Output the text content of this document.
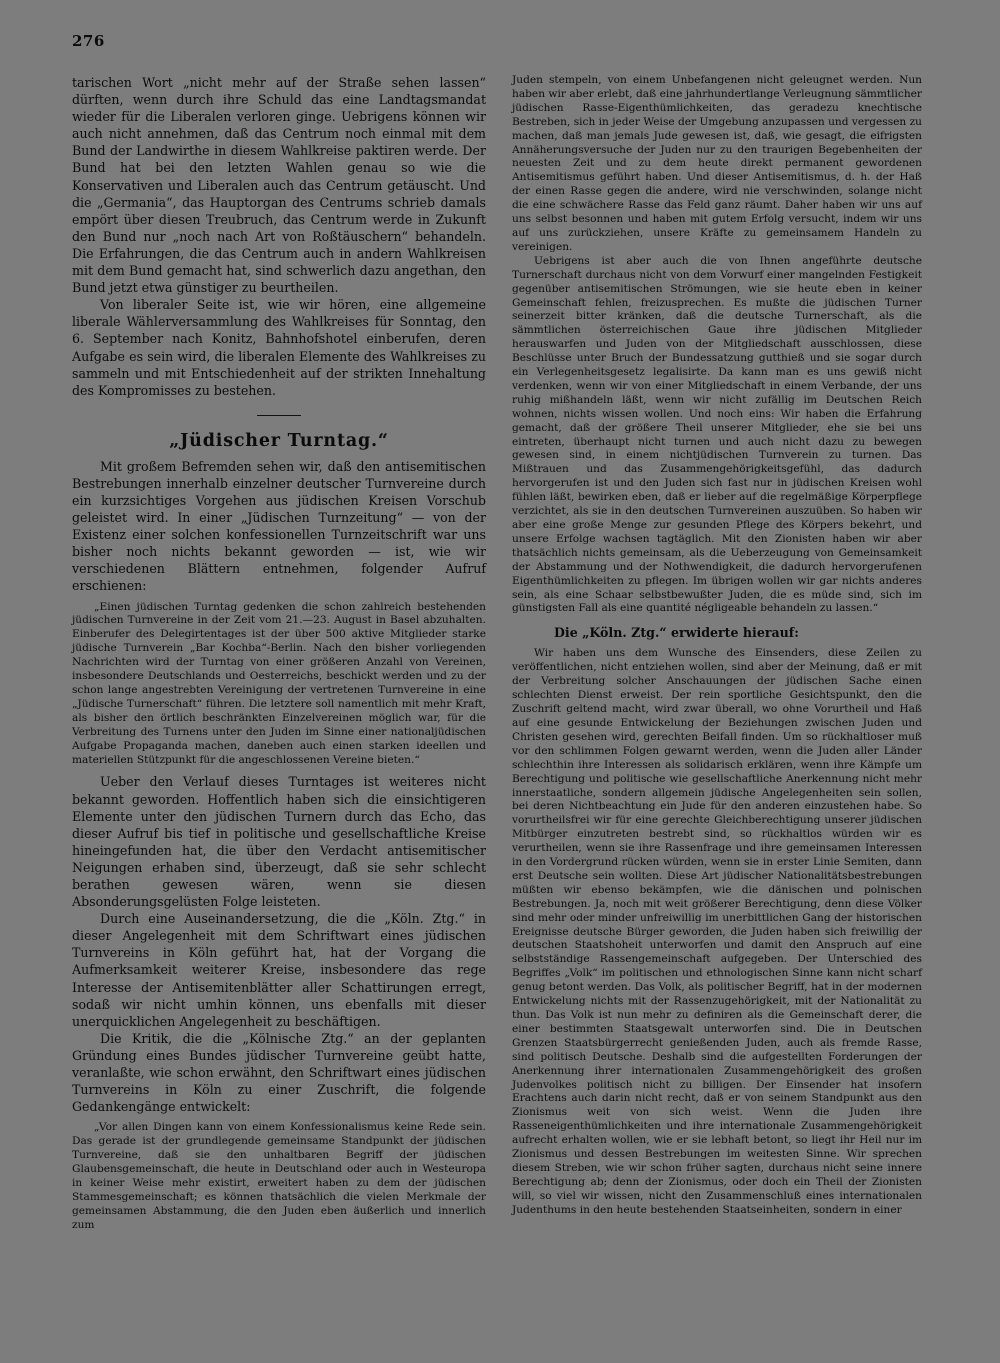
276

tarischen Wort „nicht mehr auf der Straße sehen lassen“ dürften, wenn durch ihre Schuld das eine Landtagsmandat wieder für die Liberalen verloren ginge. Uebrigens können wir auch nicht annehmen, daß das Centrum noch einmal mit dem Bund der Landwirthe in diesem Wahlkreise paktiren werde. Der Bund hat bei den letzten Wahlen genau so wie die Konservativen und Liberalen auch das Centrum getäuscht. Und die „Germania“, das Hauptorgan des Centrums schrieb damals empört über diesen Treubruch, das Centrum werde in Zukunft den Bund nur „noch nach Art von Roßtäuschern“ behandeln. Die Erfahrungen, die das Centrum auch in andern Wahlkreisen mit dem Bund gemacht hat, sind schwerlich dazu angethan, den Bund jetzt etwa günstiger zu beurtheilen.

Von liberaler Seite ist, wie wir hören, eine allgemeine liberale Wählerversammlung des Wahlkreises für Sonntag, den 6. September nach Konitz, Bahnhofshotel einberufen, deren Aufgabe es sein wird, die liberalen Elemente des Wahlkreises zu sammeln und mit Entschiedenheit auf der strikten Innehaltung des Kompromisses zu bestehen.

„Jüdischer Turntag.“

Mit großem Befremden sehen wir, daß den antisemitischen Bestrebungen innerhalb einzelner deutscher Turnvereine durch ein kurzsichtiges Vorgehen aus jüdischen Kreisen Vorschub geleistet wird. In einer „Jüdischen Turnzeitung“ — von der Existenz einer solchen konfessionellen Turnzeitschrift war uns bisher noch nichts bekannt geworden — ist, wie wir verschiedenen Blättern entnehmen, folgender Aufruf erschienen:

„Einen jüdischen Turntag gedenken die schon zahlreich bestehenden jüdischen Turnvereine in der Zeit vom 21.—23. August in Basel abzuhalten. Einberufer des Delegirtentages ist der über 500 aktive Mitglieder starke jüdische Turnverein „Bar Kochba“-Berlin. Nach den bisher vorliegenden Nachrichten wird der Turntag von einer größeren Anzahl von Vereinen, insbesondere Deutschlands und Oesterreichs, beschickt werden und zu der schon lange angestrebten Vereinigung der vertretenen Turnvereine in eine „Jüdische Turnerschaft“ führen. Die letztere soll namentlich mit mehr Kraft, als bisher den örtlich beschränkten Einzelvereinen möglich war, für die Verbreitung des Turnens unter den Juden im Sinne einer nationaljüdischen Aufgabe Propaganda machen, daneben auch einen starken ideellen und materiellen Stützpunkt für die angeschlossenen Vereine bieten.“

Ueber den Verlauf dieses Turntages ist weiteres nicht bekannt geworden. Hoffentlich haben sich die einsichtigeren Elemente unter den jüdischen Turnern durch das Echo, das dieser Aufruf bis tief in politische und gesellschaftliche Kreise hineingefunden hat, die über den Verdacht antisemitischer Neigungen erhaben sind, überzeugt, daß sie sehr schlecht berathen gewesen wären, wenn sie diesen Absonderungsgelüsten Folge leisteten.

Durch eine Auseinandersetzung, die die „Köln. Ztg.“ in dieser Angelegenheit mit dem Schriftwart eines jüdischen Turnvereins in Köln geführt hat, hat der Vorgang die Aufmerksamkeit weiterer Kreise, insbesondere das rege Interesse der Antisemitenblätter aller Schattirungen erregt, sodaß wir nicht umhin können, uns ebenfalls mit dieser unerquicklichen Angelegenheit zu beschäftigen.

Die Kritik, die die „Kölnische Ztg.“ an der geplanten Gründung eines Bundes jüdischer Turnvereine geübt hatte, veranlaßte, wie schon erwähnt, den Schriftwart eines jüdischen Turnvereins in Köln zu einer Zuschrift, die folgende Gedankengänge entwickelt:

„Vor allen Dingen kann von einem Konfessionalismus keine Rede sein. Das gerade ist der grundlegende gemeinsame Standpunkt der jüdischen Turnvereine, daß sie den unhaltbaren Begriff der jüdischen Glaubensgemeinschaft, die heute in Deutschland oder auch in Westeuropa in keiner Weise mehr existirt, erweitert haben zu dem der jüdischen Stammesgemeinschaft; es können thatsächlich die vielen Merkmale der gemeinsamen Abstammung, die den Juden eben äußerlich und innerlich zum

Juden stempeln, von einem Unbefangenen nicht geleugnet werden. Nun haben wir aber erlebt, daß eine jahrhundertlange Verleugnung sämmtlicher jüdischen Rasse-Eigenthümlichkeiten, das geradezu knechtische Bestreben, sich in jeder Weise der Umgebung anzupassen und vergessen zu machen, daß man jemals Jude gewesen ist, daß, wie gesagt, die eifrigsten Annäherungsversuche der Juden nur zu den traurigen Begebenheiten der neuesten Zeit und zu dem heute direkt permanent gewordenen Antisemitismus geführt haben. Und dieser Antisemitismus, d. h. der Haß der einen Rasse gegen die andere, wird nie verschwinden, solange nicht die eine schwächere Rasse das Feld ganz räumt. Daher haben wir uns auf uns selbst besonnen und haben mit gutem Erfolg versucht, indem wir uns auf uns zurückziehen, unsere Kräfte zu gemeinsamem Handeln zu vereinigen.

Uebrigens ist aber auch die von Ihnen angeführte deutsche Turnerschaft durchaus nicht von dem Vorwurf einer mangelnden Festigkeit gegenüber antisemitischen Strömungen, wie sie heute eben in keiner Gemeinschaft fehlen, freizusprechen. Es mußte die jüdischen Turner seinerzeit bitter kränken, daß die deutsche Turnerschaft, als die sämmtlichen österreichischen Gaue ihre jüdischen Mitglieder herauswarfen und Juden von der Mitgliedschaft ausschlossen, diese Beschlüsse unter Bruch der Bundessatzung gutthieß und sie sogar durch ein Verlegenheitsgesetz legalisirte. Da kann man es uns gewiß nicht verdenken, wenn wir von einer Mitgliedschaft in einem Verbande, der uns ruhig mißhandeln läßt, wenn wir nicht zufällig im Deutschen Reich wohnen, nichts wissen wollen. Und noch eins: Wir haben die Erfahrung gemacht, daß der größere Theil unserer Mitglieder, ehe sie bei uns eintreten, überhaupt nicht turnen und auch nicht dazu zu bewegen gewesen sind, in einem nichtjüdischen Turnverein zu turnen. Das Mißtrauen und das Zusammengehörigkeitsgefühl, das dadurch hervorgerufen ist und den Juden sich fast nur in jüdischen Kreisen wohl fühlen läßt, bewirken eben, daß er lieber auf die regelmäßige Körperpflege verzichtet, als sie in den deutschen Turnvereinen auszuüben. So haben wir aber eine große Menge zur gesunden Pflege des Körpers bekehrt, und unsere Erfolge wachsen tagtäglich. Mit den Zionisten haben wir aber thatsächlich nichts gemeinsam, als die Ueberzeugung von Gemeinsamkeit der Abstammung und der Nothwendigkeit, die dadurch hervorgerufenen Eigenthümlichkeiten zu pflegen. Im übrigen wollen wir gar nichts anderes sein, als eine Schaar selbstbewußter Juden, die es müde sind, sich im günstigsten Fall als eine quantité négligeable behandeln zu lassen.“

Die „Köln. Ztg.“ erwiderte hierauf:

Wir haben uns dem Wunsche des Einsenders, diese Zeilen zu veröffentlichen, nicht entziehen wollen, sind aber der Meinung, daß er mit der Verbreitung solcher Anschauungen der jüdischen Sache einen schlechten Dienst erweist. Der rein sportliche Gesichtspunkt, den die Zuschrift geltend macht, wird zwar überall, wo ohne Vorurtheil und Haß auf eine gesunde Entwickelung der Beziehungen zwischen Juden und Christen gesehen wird, gerechten Beifall finden. Um so rückhaltloser muß vor den schlimmen Folgen gewarnt werden, wenn die Juden aller Länder schlechthin ihre Interessen als solidarisch erklären, wenn ihre Kämpfe um Berechtigung und politische wie gesellschaftliche Anerkennung nicht mehr innerstaatliche, sondern allgemein jüdische Angelegenheiten sein sollen, bei deren Nichtbeachtung ein Jude für den anderen einzustehen habe. So vorurtheilsfrei wir für eine gerechte Gleichberechtigung unserer jüdischen Mitbürger einzutreten bestrebt sind, so rückhaltlos würden wir es verurtheilen, wenn sie ihre Rassenfrage und ihre gemeinsamen Interessen in den Vordergrund rücken würden, wenn sie in erster Linie Semiten, dann erst Deutsche sein wollten. Diese Art jüdischer Nationalitätsbestrebungen müßten wir ebenso bekämpfen, wie die dänischen und polnischen Bestrebungen. Ja, noch mit weit größerer Berechtigung, denn diese Völker sind mehr oder minder unfreiwillig im unerbittlichen Gang der historischen Ereignisse deutsche Bürger geworden, die Juden haben sich freiwillig der deutschen Staatshoheit unterworfen und damit den Anspruch auf eine selbstständige Rassengemeinschaft aufgegeben. Der Unterschied des Begriffes „Volk“ im politischen und ethnologischen Sinne kann nicht scharf genug betont werden. Das Volk, als politischer Begriff, hat in der modernen Entwickelung nichts mit der Rassenzugehörigkeit, mit der Nationalität zu thun. Das Volk ist nun mehr zu definiren als die Gemeinschaft derer, die einer bestimmten Staatsgewalt unterworfen sind. Die in Deutschen Grenzen Staatsbürgerrecht genießenden Juden, auch als fremde Rasse, sind politisch Deutsche. Deshalb sind die aufgestellten Forderungen der Anerkennung ihrer internationalen Zusammengehörigkeit des großen Judenvolkes politisch nicht zu billigen. Der Einsender hat insofern Erachtens auch darin nicht recht, daß er von seinem Standpunkt aus den Zionismus weit von sich weist. Wenn die Juden ihre Rasseneigenthümlichkeiten und ihre internationale Zusammengehörigkeit aufrecht erhalten wollen, wie er sie lebhaft betont, so liegt ihr Heil nur im Zionismus und dessen Bestrebungen im weitesten Sinne. Wir sprechen diesem Streben, wie wir schon früher sagten, durchaus nicht seine innere Berechtigung ab; denn der Zionismus, oder doch ein Theil der Zionisten will, so viel wir wissen, nicht den Zusammenschluß eines internationalen Judenthums in den heute bestehenden Staatseinheiten, sondern in einer
